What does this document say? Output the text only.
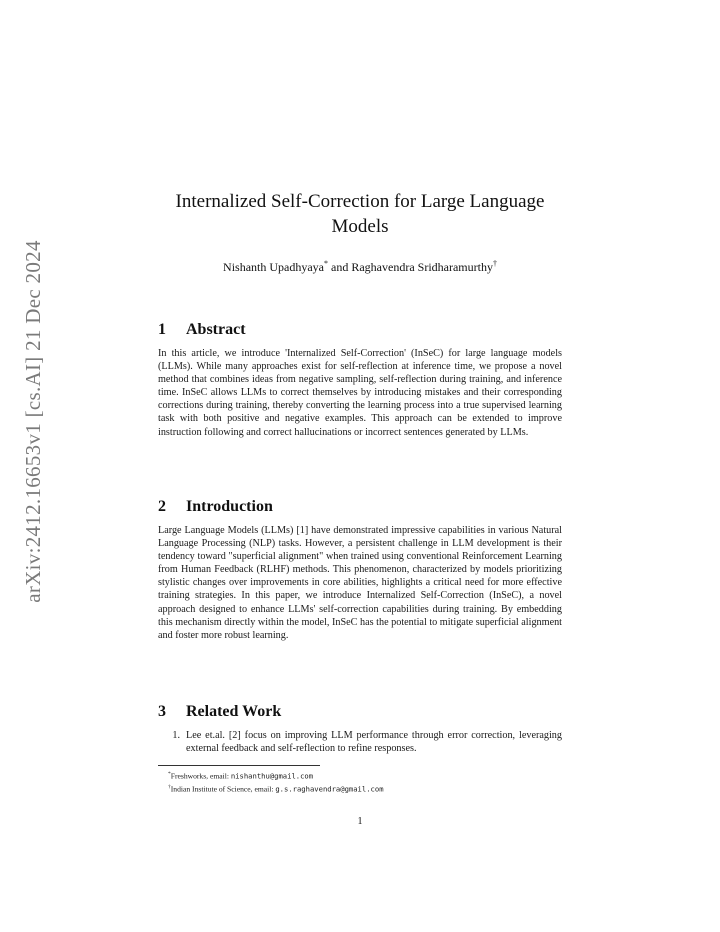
arXiv:2412.16653v1 [cs.AI] 21 Dec 2024
Internalized Self-Correction for Large Language Models
Nishanth Upadhyaya* and Raghavendra Sridharamurthy†
1 Abstract

In this article, we introduce 'Internalized Self-Correction' (InSeC) for large language models (LLMs). While many approaches exist for self-reflection at inference time, we propose a novel method that combines ideas from negative sampling, self-reflection during training, and inference time. InSeC allows LLMs to correct themselves by introducing mistakes and their corresponding corrections during training, thereby converting the learning process into a true supervised learning task with both positive and negative examples. This approach can be extended to improve instruction following and correct hallucinations or incorrect sentences generated by LLMs.

2 Introduction

Large Language Models (LLMs) [1] have demonstrated impressive capabilities in various Natural Language Processing (NLP) tasks. However, a persistent challenge in LLM development is their tendency toward "superficial alignment" when trained using conventional Reinforcement Learning from Human Feedback (RLHF) methods. This phenomenon, characterized by models prioritizing stylistic changes over improvements in core abilities, highlights a critical need for more effective training strategies. In this paper, we introduce Internalized Self-Correction (InSeC), a novel approach designed to enhance LLMs' self-correction capabilities during training. By embedding this mechanism directly within the model, InSeC has the potential to mitigate superficial alignment and foster more robust learning.

3 Related Work
1. Lee et.al. [2] focus on improving LLM performance through error correction, leveraging external feedback and self-reflection to refine responses.
*Freshworks, email: nishanthu@gmail.com
†Indian Institute of Science, email: g.s.raghavendra@gmail.com
1
